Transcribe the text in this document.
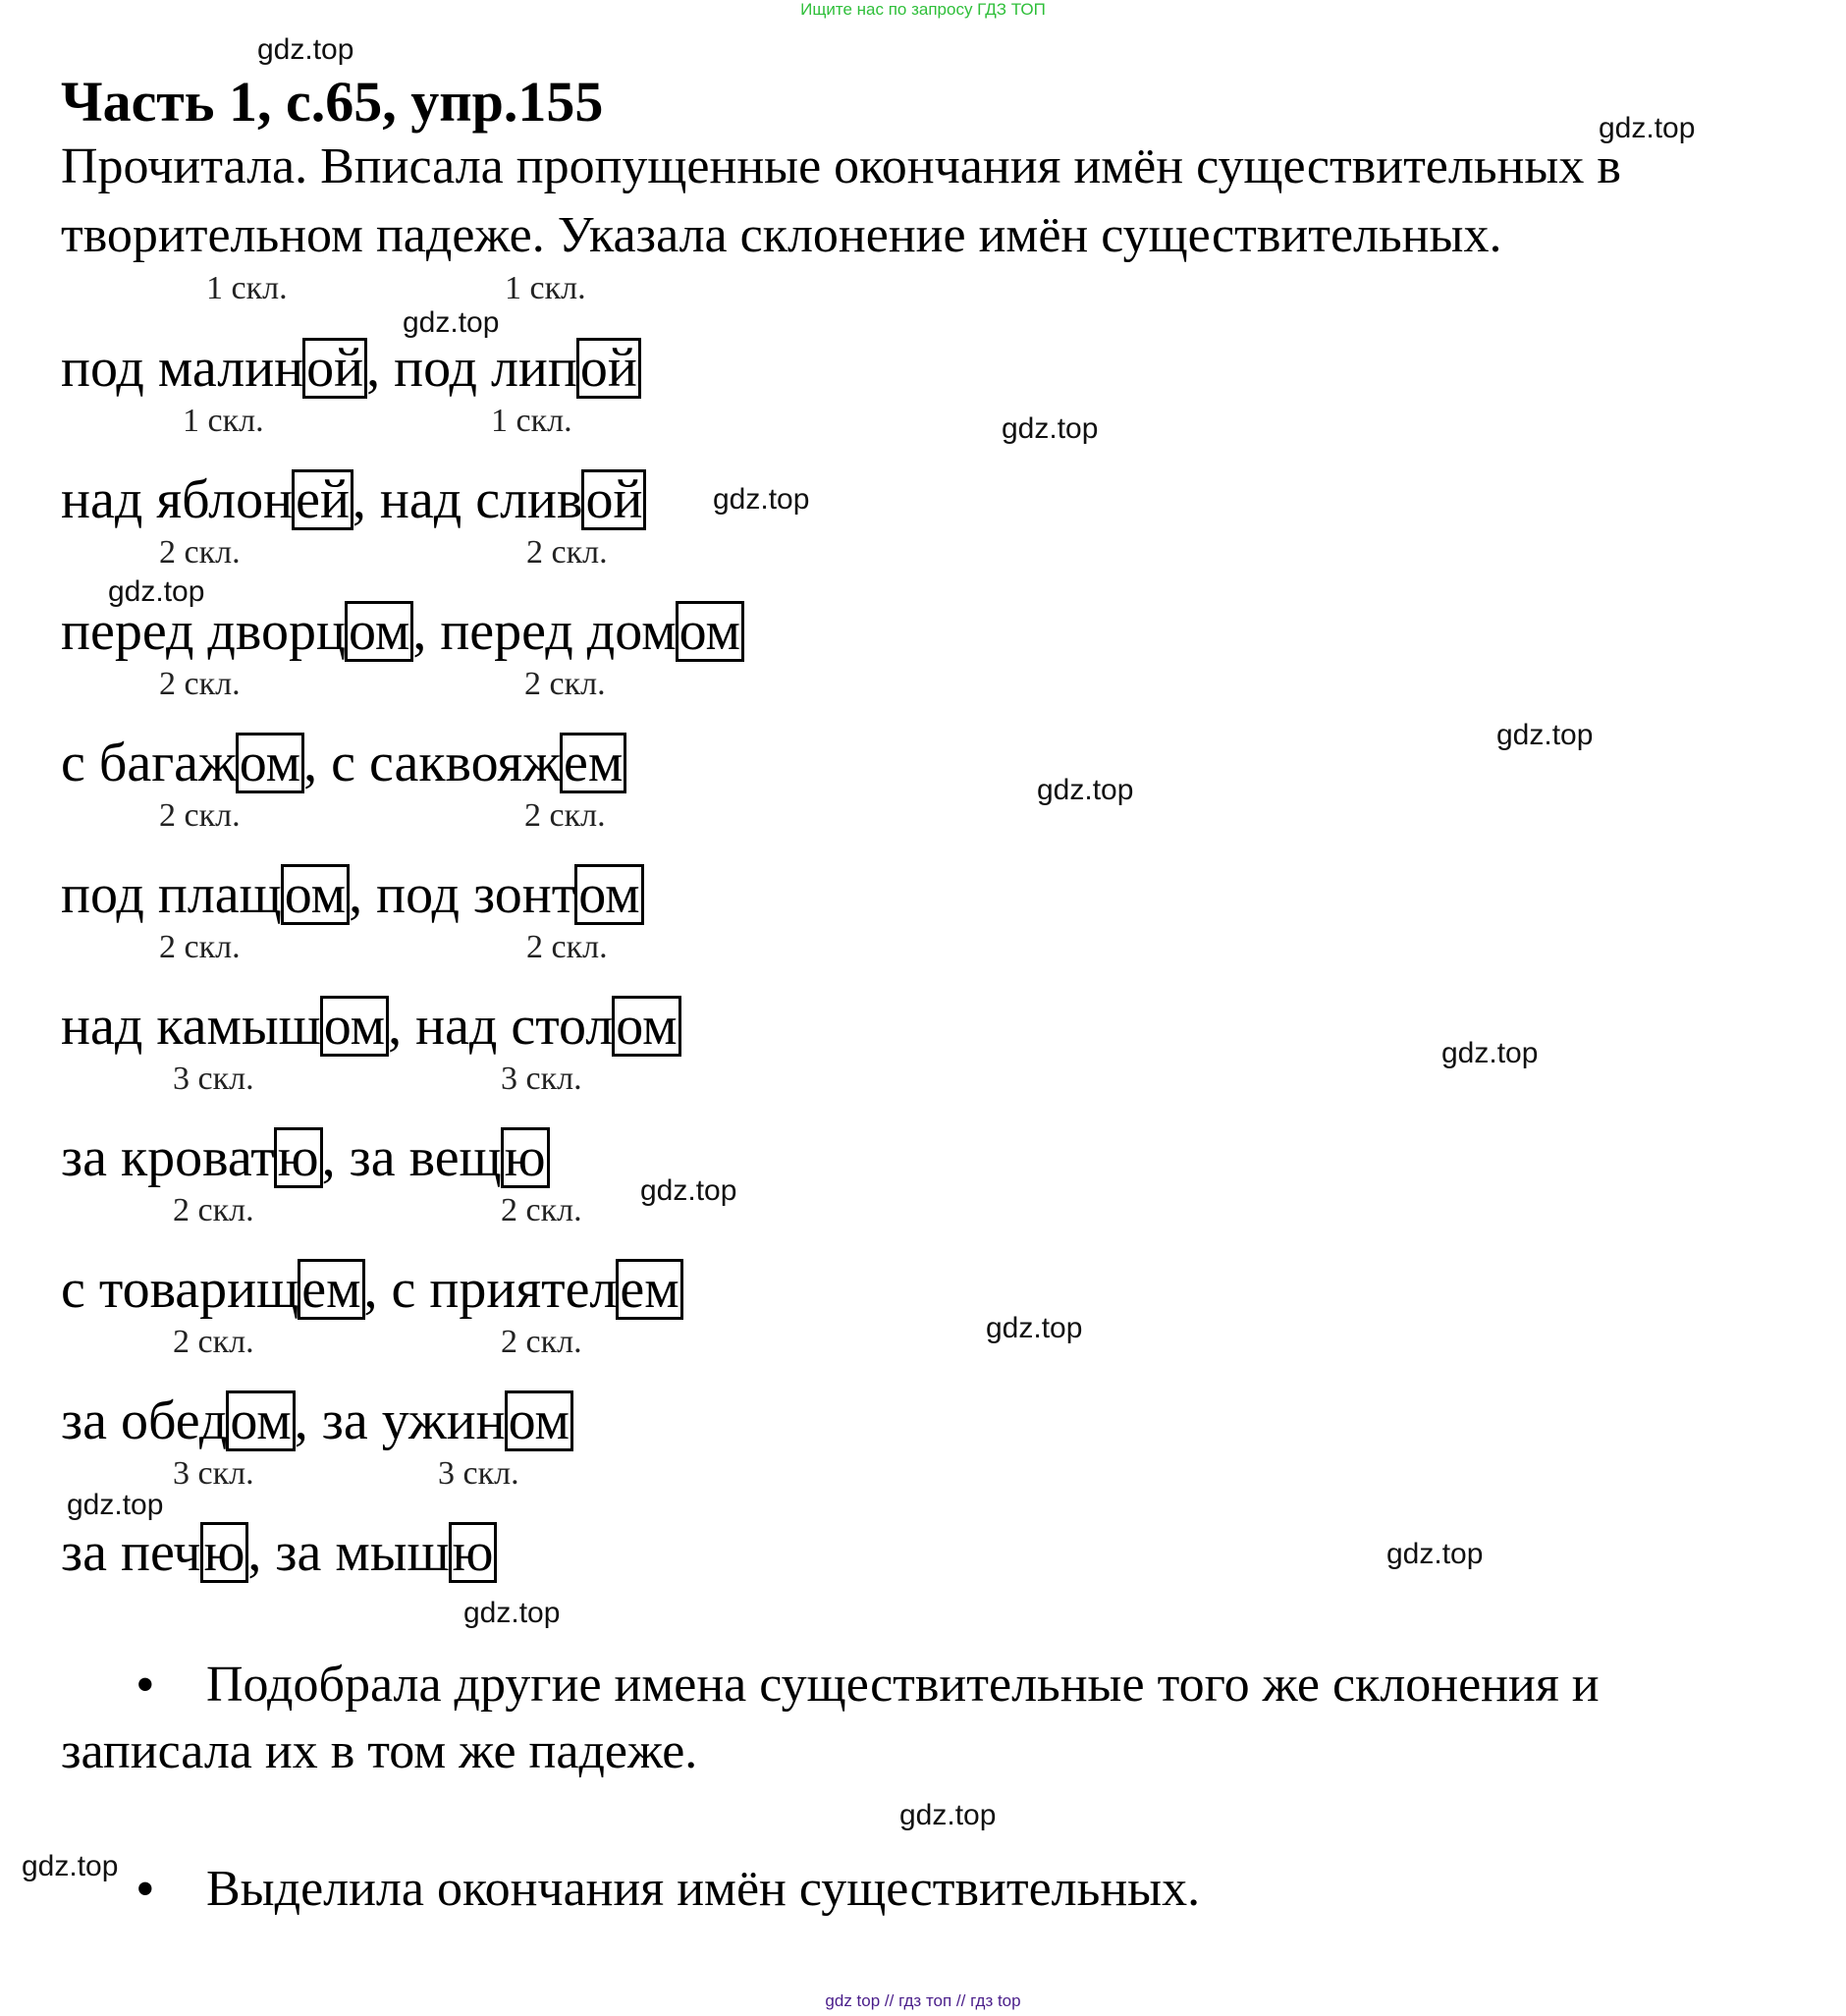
Ищите нас по запросу ГДЗ ТОП
gdz.top
Часть 1, с.65, упр.155	gdz.top
Прочитала. Вписала пропущенные окончания имён существительных в
творительном падеже. Указала склонение имён существительных.
1 скл.	1 скл.
gdz.top
под малиной, под липой
1 скл.	1 скл.	gdz.top
gdz.top
над яблоней, над сливой
2 скл.	2 скл.
gdz.top
перед дворцом, перед домом
2 скл.	2 скл.
gdz.top
gdz.top
с багажом, с саквояжем
2 скл.	2 скл.
под плащом, под зонтом
2 скл.	2 скл.
gdz.top
над камышом, над столом
3 скл.	3 скл.
gdz.top
за кроватю, за вещю
2 скл.	2 скл.
gdz.top
с товарищем, с приятелем
2 скл.	2 скл.
за обедом, за ужином
3 скл.	3 скл.
gdz.top
gdz.top
за печю, за мышю
gdz.top
• Подобрала другие имена существительные того же склонения и
записала их в том же падеже.
gdz.top
gdz.top • Выделила окончания имён существительных.
gdz top // гдз топ // гдз top
